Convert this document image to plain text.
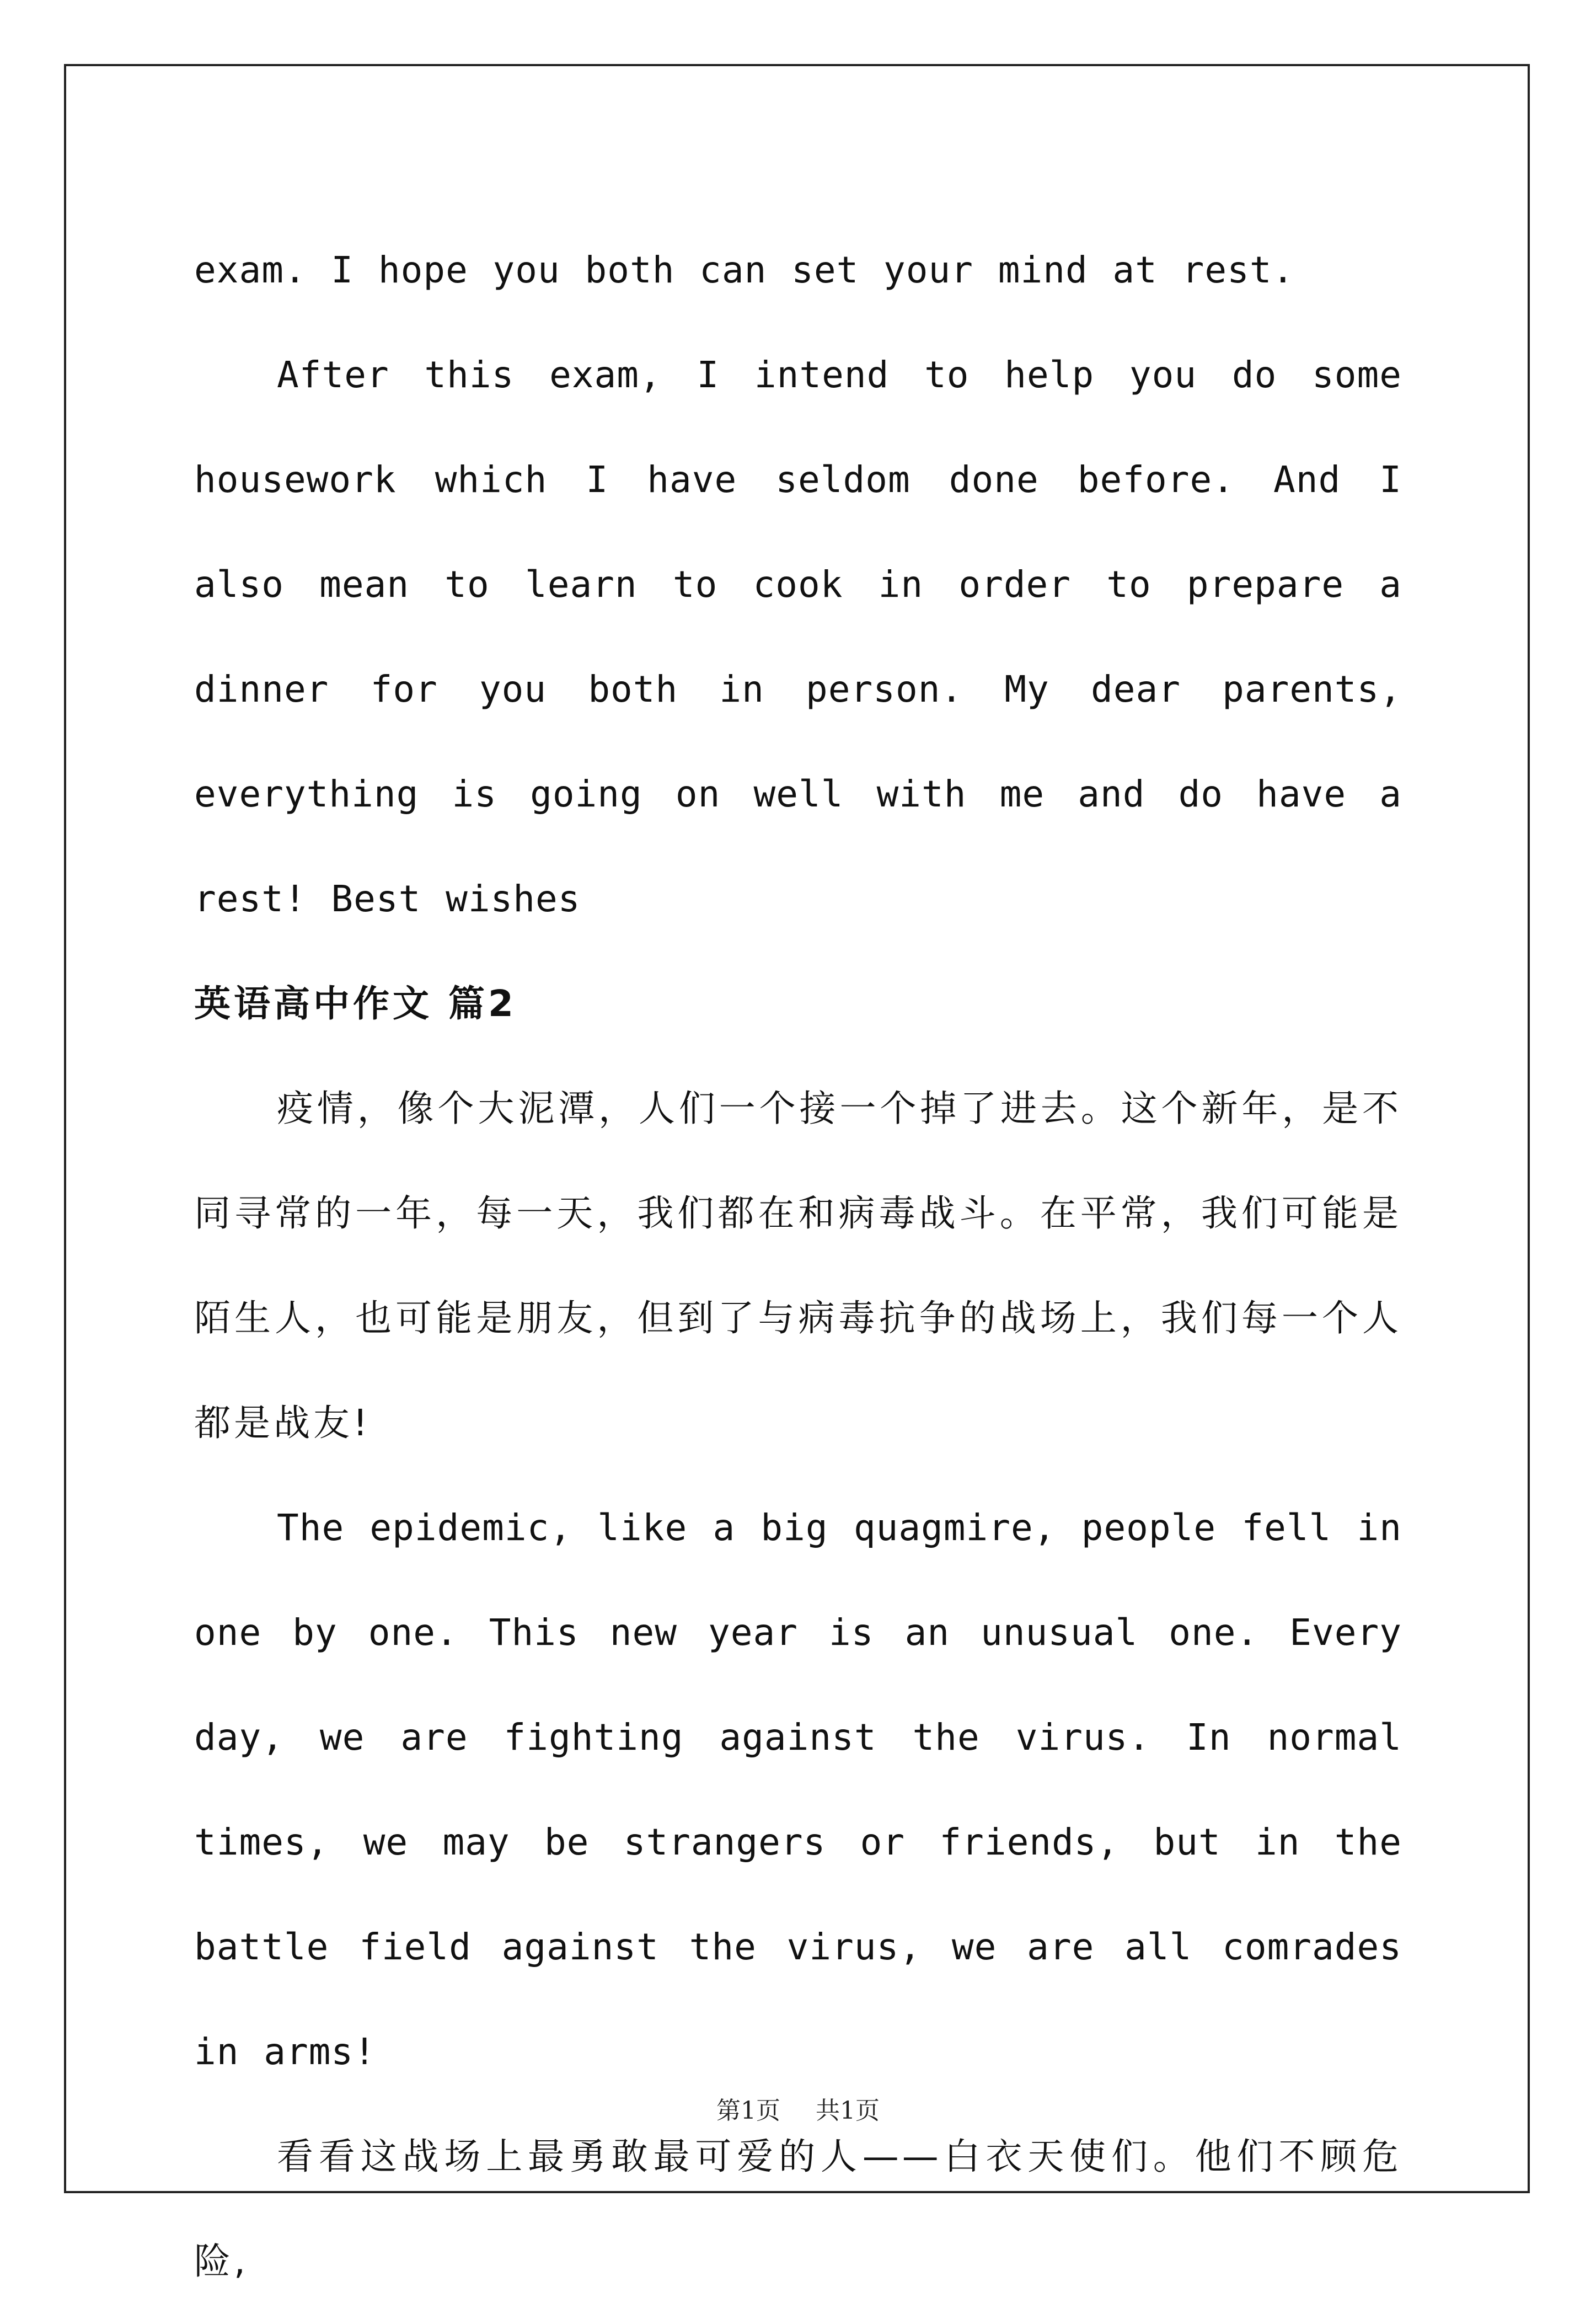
exam. I hope you both can set your mind at rest.

After this exam, I intend to help you do some housework which I have seldom done before. And I also mean to learn to cook in order to prepare a dinner for you both in person. My dear parents, everything is going on well with me and do have a rest! Best wishes

英语高中作文 篇2

疫情，像个大泥潭，人们一个接一个掉了进去。这个新年，是不同寻常的一年，每一天，我们都在和病毒战斗。在平常，我们可能是陌生人，也可能是朋友，但到了与病毒抗争的战场上，我们每一个人都是战友!

The epidemic, like a big quagmire, people fell in one by one. This new year is an unusual one. Every day, we are fighting against the virus. In normal times, we may be strangers or friends, but in the battle field against the virus, we are all comrades in arms!

看看这战场上最勇敢最可爱的人——白衣天使们。他们不顾危险,

第1页 共1页
